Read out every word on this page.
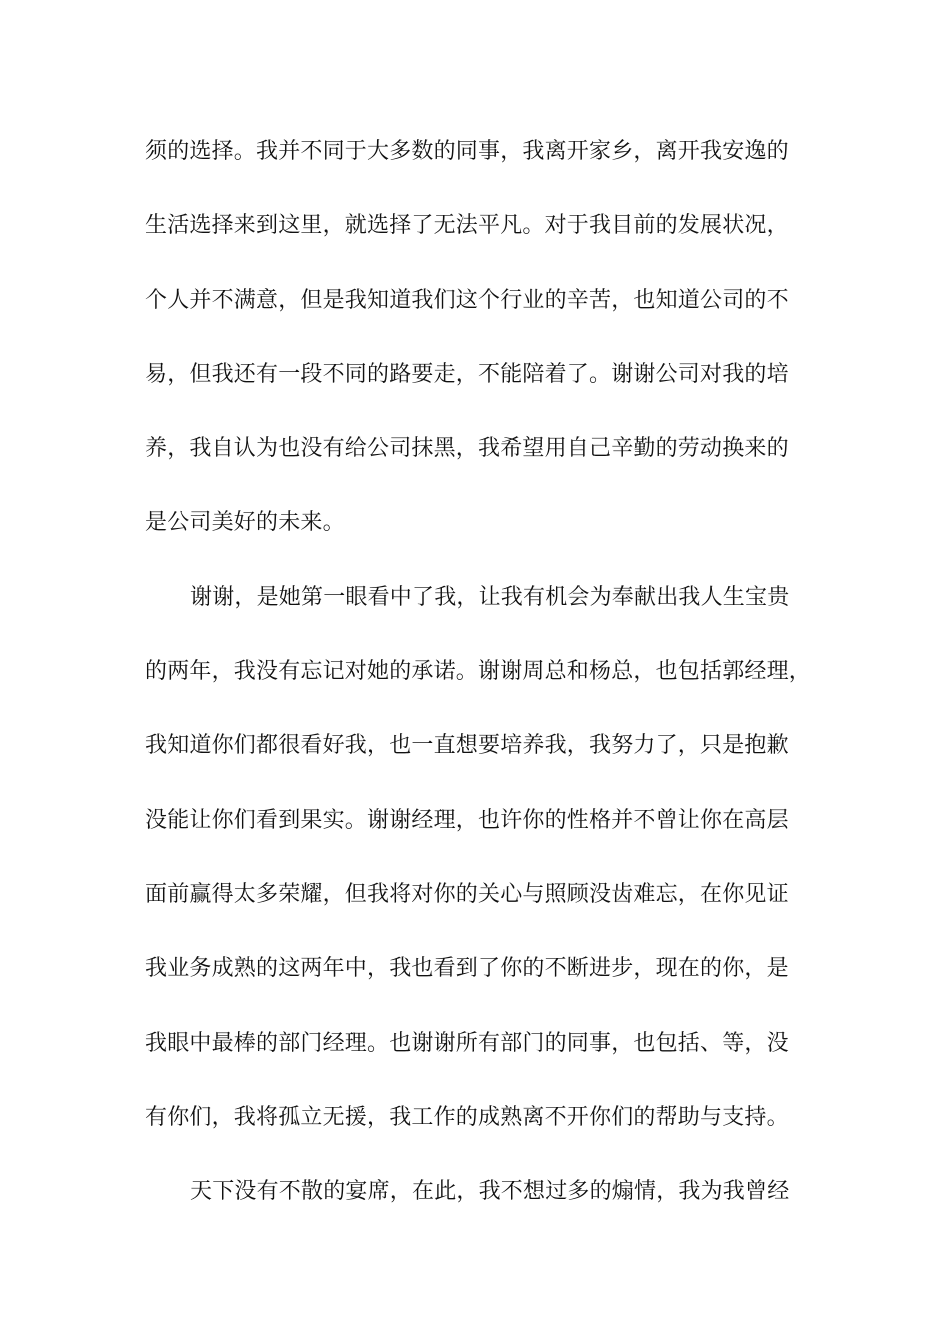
须的选择。我并不同于大多数的同事，我离开家乡，离开我安逸的
生活选择来到这里，就选择了无法平凡。对于我目前的发展状况，
个人并不满意，但是我知道我们这个行业的辛苦，也知道公司的不
易，但我还有一段不同的路要走，不能陪着了。谢谢公司对我的培
养，我自认为也没有给公司抹黑，我希望用自己辛勤的劳动换来的
是公司美好的未来。
谢谢，是她第一眼看中了我，让我有机会为奉献出我人生宝贵
的两年，我没有忘记对她的承诺。谢谢周总和杨总，也包括郭经理，
我知道你们都很看好我，也一直想要培养我，我努力了，只是抱歉
没能让你们看到果实。谢谢经理，也许你的性格并不曾让你在高层
面前赢得太多荣耀，但我将对你的关心与照顾没齿难忘，在你见证
我业务成熟的这两年中，我也看到了你的不断进步，现在的你，是
我眼中最棒的部门经理。也谢谢所有部门的同事，也包括、等，没
有你们，我将孤立无援，我工作的成熟离不开你们的帮助与支持。
天下没有不散的宴席，在此，我不想过多的煽情，我为我曾经
